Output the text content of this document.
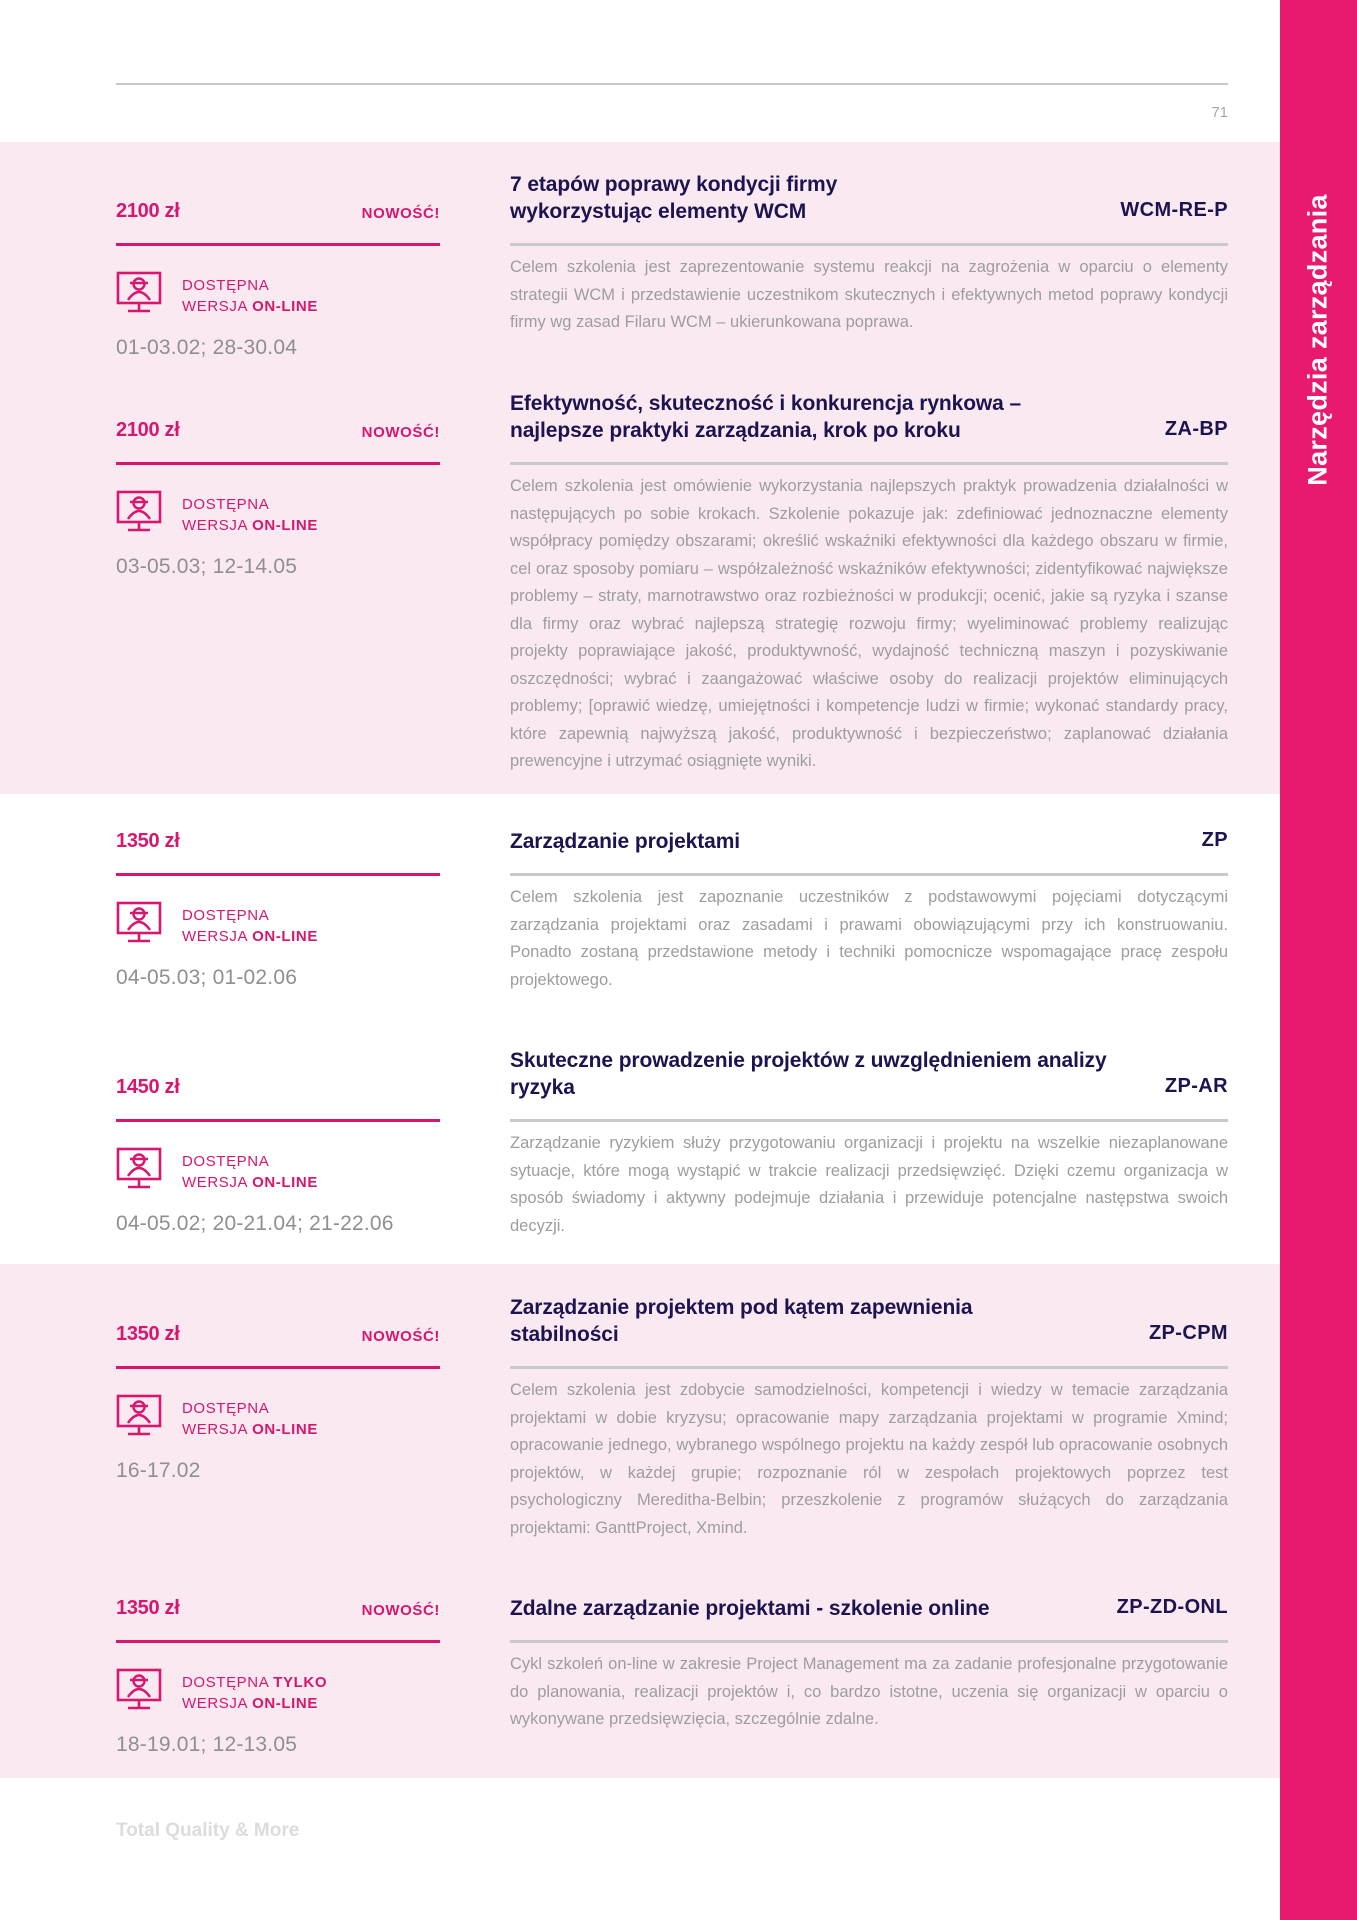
71
Narzędzia zarządzania
2100 zł	NOWOŚĆ!
DOSTĘPNA
WERSJA ON-LINE
01-03.02; 28-30.04
7 etapów poprawy kondycji firmy wykorzystując elementy WCM	WCM-RE-P
Celem szkolenia jest zaprezentowanie systemu reakcji na zagrożenia w oparciu o elementy strategii WCM i przedstawienie uczestnikom skutecznych i efektywnych metod poprawy kondycji firmy wg zasad Filaru WCM – ukierunkowana poprawa.
2100 zł	NOWOŚĆ!
DOSTĘPNA
WERSJA ON-LINE
03-05.03; 12-14.05
Efektywność, skuteczność i konkurencja rynkowa – najlepsze praktyki zarządzania, krok po kroku	ZA-BP
Celem szkolenia jest omówienie wykorzystania najlepszych praktyk prowadzenia działalności w następujących po sobie krokach. Szkolenie pokazuje jak: zdefiniować jednoznaczne elementy współpracy pomiędzy obszarami; określić wskaźniki efektywności dla każdego obszaru w firmie, cel oraz sposoby pomiaru – współzależność wskaźników efektywności; zidentyfikować największe problemy – straty, marnotrawstwo oraz rozbieżności w produkcji; ocenić, jakie są ryzyka i szanse dla firmy oraz wybrać najlepszą strategię rozwoju firmy; wyeliminować problemy realizując projekty poprawiające jakość, produktywność, wydajność techniczną maszyn i pozyskiwanie oszczędności; wybrać i zaangażować właściwe osoby do realizacji projektów eliminujących problemy; [oprawić wiedzę, umiejętności i kompetencje ludzi w firmie; wykonać standardy pracy, które zapewnią najwyższą jakość, produktywność i bezpieczeństwo; zaplanować działania prewencyjne i utrzymać osiągnięte wyniki.
1350 zł
DOSTĘPNA
WERSJA ON-LINE
04-05.03; 01-02.06
Zarządzanie projektami	ZP
Celem szkolenia jest zapoznanie uczestników z podstawowymi pojęciami dotyczącymi zarządzania projektami oraz zasadami i prawami obowiązującymi przy ich konstruowaniu. Ponadto zostaną przedstawione metody i techniki pomocnicze wspomagające pracę zespołu projektowego.
1450 zł
DOSTĘPNA
WERSJA ON-LINE
04-05.02; 20-21.04; 21-22.06
Skuteczne prowadzenie projektów z uwzględnieniem analizy ryzyka	ZP-AR
Zarządzanie ryzykiem służy przygotowaniu organizacji i projektu na wszelkie niezaplanowane sytuacje, które mogą wystąpić w trakcie realizacji przedsięwzięć. Dzięki czemu organizacja w sposób świadomy i aktywny podejmuje działania i przewiduje potencjalne następstwa swoich decyzji.
1350 zł	NOWOŚĆ!
DOSTĘPNA
WERSJA ON-LINE
16-17.02
Zarządzanie projektem pod kątem zapewnienia stabilności	ZP-CPM
Celem szkolenia jest zdobycie samodzielności, kompetencji i wiedzy w temacie zarządzania projektami w dobie kryzysu; opracowanie mapy zarządzania projektami w programie Xmind; opracowanie jednego, wybranego wspólnego projektu na każdy zespół lub opracowanie osobnych projektów, w każdej grupie; rozpoznanie ról w zespołach projektowych poprzez test psychologiczny Mereditha-Belbin; przeszkolenie z programów służących do zarządzania projektami: GanttProject, Xmind.
1350 zł	NOWOŚĆ!
DOSTĘPNA TYLKO
WERSJA ON-LINE
18-19.01; 12-13.05
Zdalne zarządzanie projektami - szkolenie online	ZP-ZD-ONL
Cykl szkoleń on-line w zakresie Project Management ma za zadanie profesjonalne przygotowanie do planowania, realizacji projektów i, co bardzo istotne, uczenia się organizacji w oparciu o wykonywane przedsięwzięcia, szczególnie zdalne.
Total Quality & More
